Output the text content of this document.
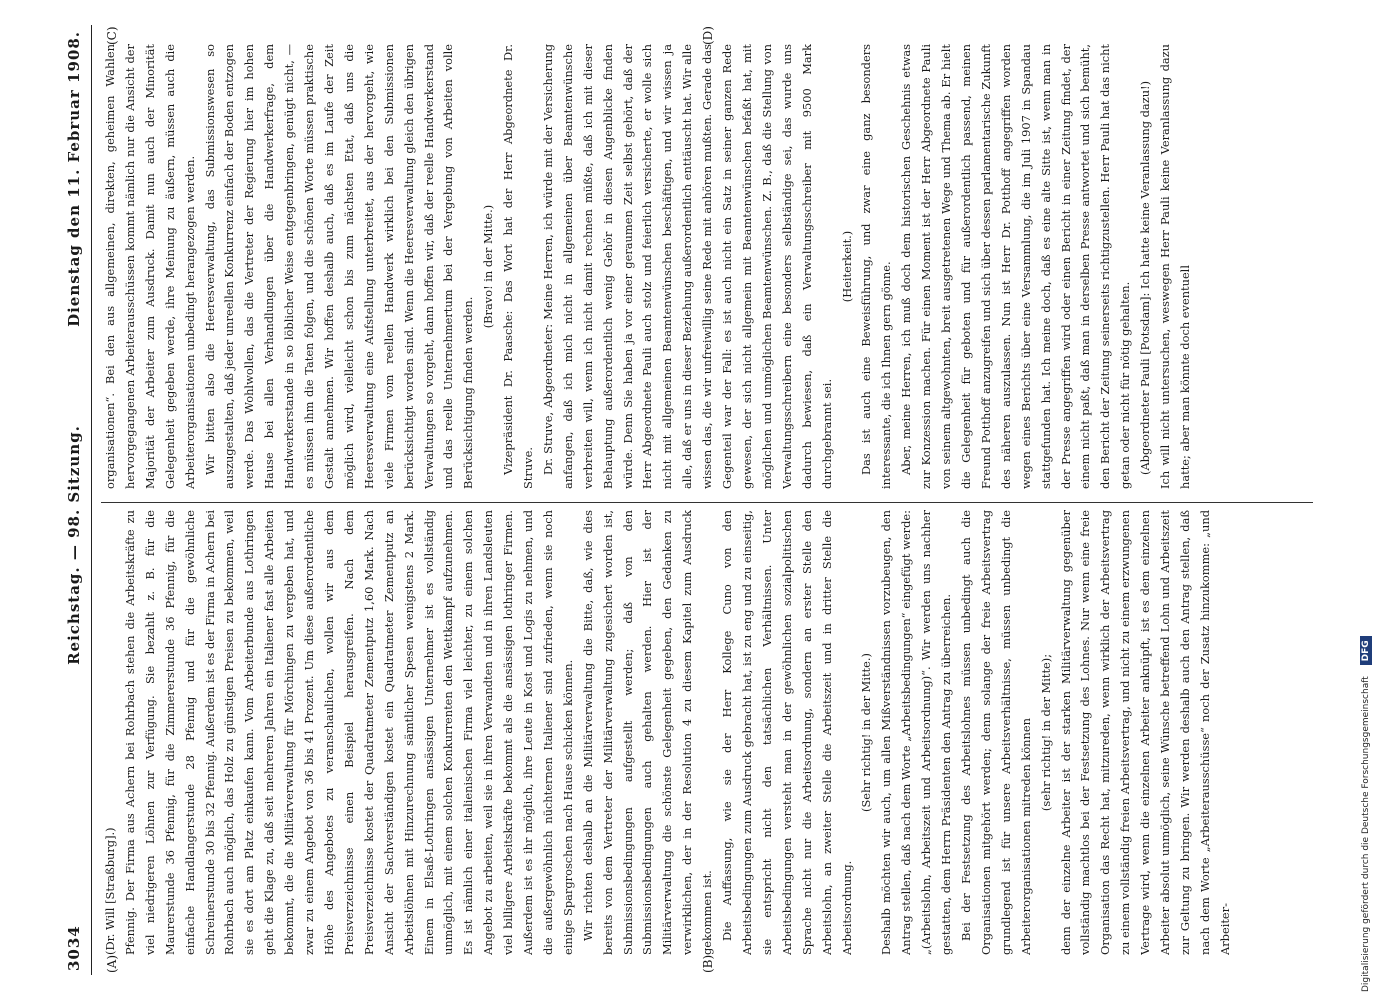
3034
Reichstag. — 98. Sitzung.
Dienstag den 11. Februar 1908.
(A)	(B)
(C)	(D)

(Dr. Will [Straßburg].) Pfennig. Der Firma aus Achern bei Rohrbach stehen die Arbeitskräfte zu viel niedrigeren Löhnen zur Verfügung. Sie bezahlt z. B. für die Maurerstunde 36 Pfennig, für die Zimmererstunde 36 Pfennig, für die einfache Handlangerstunde 28 Pfennig und für die gewöhnliche Schreinerstunde 30 bis 32 Pfennig. Außerdem ist es der Firma in Achern bei Rohrbach auch möglich, das Holz zu günstigen Preisen zu bekommen, weil sie es dort am Platz einkaufen kann. Vom Arbeiterbunde aus Lothringen geht die Klage zu, daß seit mehreren Jahren ein Italiener fast alle Arbeiten bekommt, die die Militärverwaltung für Mörchingen zu vergeben hat, und zwar zu einem Angebot von 36 bis 41 Prozent. Um diese außerordentliche Höhe des Angebotes zu veranschaulichen, wollen wir aus dem Preisverzeichnisse einen Beispiel herausgreifen. Nach dem Preisverzeichnisse kostet der Quadratmeter Zementputz 1,60 Mark. Nach Ansicht der Sachverständigen kostet ein Quadratmeter Zementputz an Arbeitslöhnen mit Hinzurechnung sämtlicher Spesen wenigstens 2 Mark. Einem in Elsaß-Lothringen ansässigen Unternehmer ist es vollständig unmöglich, mit einem solchen Konkurrenten den Wettkampf aufzunehmen. Es ist nämlich einer italienischen Firma viel leichter, zu einem solchen Angebot zu arbeiten, weil sie in ihren Verwandten und in ihren Landsleuten viel billigere Arbeitskräfte bekommt als die ansässigen lothringer Firmen. Außerdem ist es ihr möglich, ihre Leute in Kost und Logis zu nehmen, und die außergewöhnlich nüchternen Italiener sind zufrieden, wenn sie noch einige Spargroschen nach Hause schicken können. Wir richten deshalb an die Militärverwaltung die Bitte, daß, wie dies bereits von dem Vertreter der Militärverwaltung zugesichert worden ist, Submissionsbedingungen aufgestellt werden; daß von den Submissionsbedingungen auch gehalten werden. Hier ist der Militärverwaltung die schönste Gelegenheit gegeben, den Gedanken zu verwirklichen, der in der Resolution 4 zu diesem Kapitel zum Ausdruck gekommen ist. Die Auffassung, wie sie der Herr Kollege Cuno von den Arbeitsbedingungen zum Ausdruck gebracht hat, ist zu eng und zu einseitig, sie entspricht nicht den tatsächlichen Verhältnissen. Unter Arbeitsbedingungen versteht man in der gewöhnlichen sozialpolitischen Sprache nicht nur die Arbeitsordnung, sondern an erster Stelle den Arbeitslohn, an zweiter Stelle die Arbeitszeit und in dritter Stelle die Arbeitsordnung.

(Sehr richtig! in der Mitte.) Deshalb möchten wir auch, um allen Mißverständnissen vorzubeugen, den Antrag stellen, daß nach dem Worte „Arbeitsbedingungen“ eingefügt werde: „(Arbeitslohn, Arbeitszeit und Arbeitsordnung)“. Wir werden uns nachher gestatten, dem Herrn Präsidenten den Antrag zu überreichen. Bei der Festsetzung des Arbeitslohnes müssen unbedingt auch die Organisationen mitgehört werden; denn solange der freie Arbeitsvertrag grundlegend ist für unsere Arbeitsverhältnisse, müssen unbedingt die Arbeiterorganisationen mitreden können (sehr richtig! in der Mitte); denn der einzelne Arbeiter ist der starken Militärverwaltung gegenüber vollständig machtlos bei der Festsetzung des Lohnes. Nur wenn eine freie Organisation das Recht hat, mitzureden, wenn wirklich der Arbeitsvertrag zu einem vollständig freien Arbeitsvertrag, und nicht zu einem erzwungenen Vertrage wird, wenn die einzelnen Arbeiter anknüpft, ist es dem einzelnen Arbeiter absolut unmöglich, seine Wünsche betreffend Lohn und Arbeitszeit zur Geltung zu bringen. Wir werden deshalb auch den Antrag stellen, daß nach dem Worte „Arbeiterausschüsse“ noch der Zusatz hinzukomme: „und Arbeiter-

organisationen“. Bei den aus allgemeinen, direkten, geheimen Wahlen hervorgegangenen Arbeiterausschüssen kommt nämlich nur die Ansicht der Majorität der Arbeiter zum Ausdruck. Damit nun auch der Minorität Gelegenheit gegeben werde, ihre Meinung zu äußern, müssen auch die Arbeiterorganisationen unbedingt herangezogen werden. Wir bitten also die Heeresverwaltung, das Submissionswesen so auszugestalten, daß jeder unreellen Konkurrenz einfach der Boden entzogen werde. Das Wohlwollen, das die Vertreter der Regierung hier im hohen Hause bei allen Verhandlungen über die Handwerkerfrage, dem Handwerkerstande in so löblicher Weise entgegenbringen, genügt nicht, — es müssen ihm die Taten folgen, und die schönen Worte müssen praktische Gestalt annehmen. Wir hoffen deshalb auch, daß es im Laufe der Zeit möglich wird, vielleicht schon bis zum nächsten Etat, daß uns die Heeresverwaltung eine Aufstellung unterbreitet, aus der hervorgeht, wie viele Firmen vom reellen Handwerk wirklich bei den Submissionen berücksichtigt worden sind. Wenn die Heeresverwaltung gleich den übrigen Verwaltungen so vorgeht, dann hoffen wir, daß der reelle Handwerkerstand und das reelle Unternehmertum bei der Vergebung von Arbeiten volle Berücksichtigung finden werden.

(Bravo! in der Mitte.) Vizepräsident Dr. Paasche: Das Wort hat der Herr Abgeordnete Dr. Struve. Dr. Struve, Abgeordneter: Meine Herren, ich würde mit der Versicherung anfangen, daß ich mich nicht in allgemeinen über Beamtenwünsche verbreiten will, wenn ich nicht damit rechnen müßte, daß ich mit dieser Behauptung außerordentlich wenig Gehör in diesen Augenblicke finden würde. Denn Sie haben ja vor einer geraumen Zeit selbst gehört, daß der Herr Abgeordnete Pauli auch stolz und feierlich versicherte, er wolle sich nicht mit allgemeinen Beamtenwünschen beschäftigen, und wir wissen ja alle, daß er uns in dieser Beziehung außerordentlich enttäuscht hat. Wir alle wissen das, die wir unfreiwillig seine Rede mit anhören mußten. Gerade das Gegenteil war der Fall: es ist auch nicht ein Satz in seiner ganzen Rede gewesen, der sich nicht allgemein mit Beamtenwünschen befaßt hat, mit möglichen und unmöglichen Beamtenwünschen. Z. B., daß die Stellung von Verwaltungsschreibern eine besonders selbständige sei, das wurde uns dadurch bewiesen, daß ein Verwaltungsschreiber mit 9500 Mark durchgebrannt sei.

(Heiterkeit.) Das ist auch eine Beweisführung, und zwar eine ganz besonders interessante, die ich Ihnen gern gönne. Aber, meine Herren, ich muß doch dem historischen Geschehnis etwas zur Konzession machen. Für einen Moment ist der Herr Abgeordnete Pauli von seinem altgewohnten, breit ausgetretenen Wege und Thema ab. Er hielt die Gelegenheit für geboten und für außerordentlich passend, meinen Freund Potthoff anzugreifen und sich über dessen parlamentarische Zukunft des näheren auszulassen. Nun ist Herr Dr. Potthoff angegriffen worden wegen eines Berichts über eine Versammlung, die im Juli 1907 in Spandau stattgefunden hat. Ich meine doch, daß es eine alte Sitte ist, wenn man in der Presse angegriffen wird oder einen Bericht in einer Zeitung findet, der einem nicht paßt, daß man in derselben Presse antwortet und sich bemüht, den Bericht der Zeitung seinerseits richtigzustellen. Herr Pauli hat das nicht getan oder nicht für nötig gehalten. (Abgeordneter Pauli [Potsdam]: Ich hatte keine Veranlassung dazu!) Ich will nicht untersuchen, weswegen Herr Pauli keine Veranlassung dazu hatte; aber man könnte doch eventuell

Digitalisierung gefördert durch die Deutsche Forschungsgemeinschaft DFG
